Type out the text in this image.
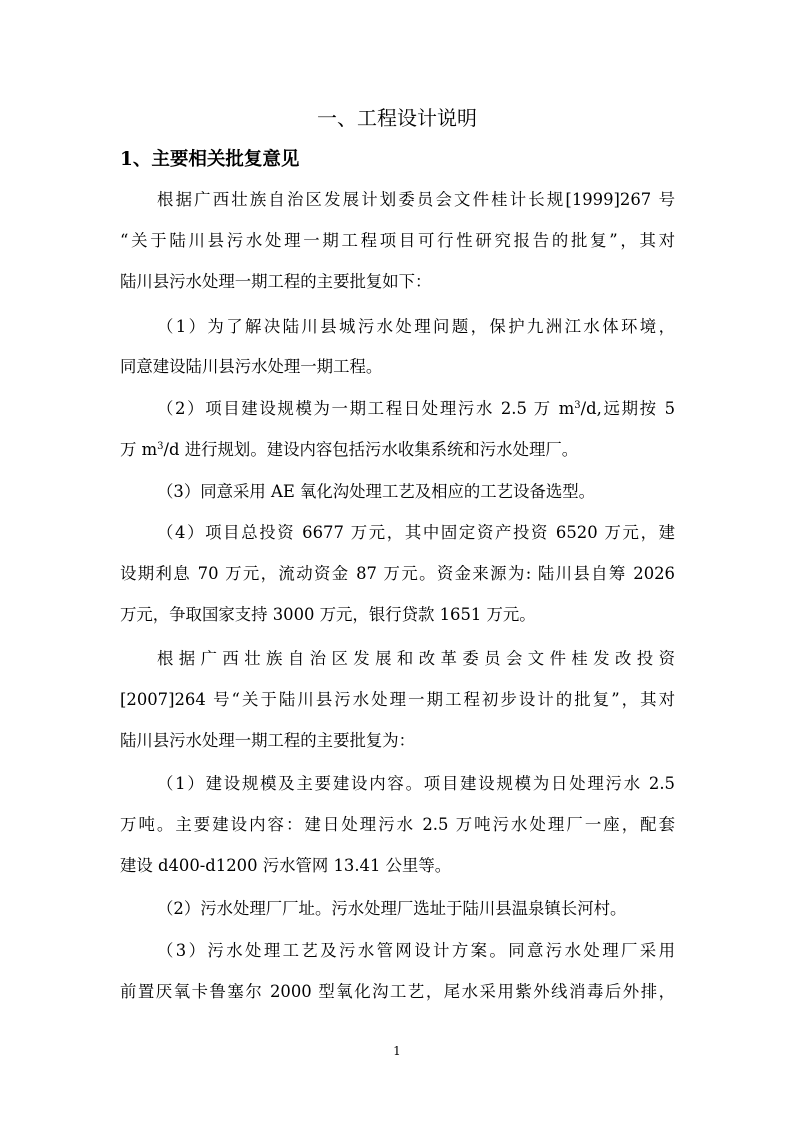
一、工程设计说明
1、主要相关批复意见
根据广西壮族自治区发展计划委员会文件桂计长规[1999]267 号
“关于陆川县污水处理一期工程项目可行性研究报告的批复”，其对
陆川县污水处理一期工程的主要批复如下：
（1）为了解决陆川县城污水处理问题，保护九洲江水体环境，
同意建设陆川县污水处理一期工程。
（2）项目建设规模为一期工程日处理污水 2.5 万 $m^3/d$,远期按 5
万 $m^3/d$ 进行规划。建设内容包括污水收集系统和污水处理厂。
（3）同意采用 AE 氧化沟处理工艺及相应的工艺设备选型。
（4）项目总投资 6677 万元，其中固定资产投资 6520 万元，建
设期利息 70 万元，流动资金 87 万元。资金来源为: 陆川县自筹 2026
万元，争取国家支持 3000 万元，银行贷款 1651 万元。
根据广西壮族自治区发展和改革委员会文件桂发改投资
[2007]264 号“关于陆川县污水处理一期工程初步设计的批复”，其对
陆川县污水处理一期工程的主要批复为：
（1）建设规模及主要建设内容。项目建设规模为日处理污水 2.5
万吨。主要建设内容：建日处理污水 2.5 万吨污水处理厂一座，配套
建设 d400-d1200 污水管网 13.41 公里等。
（2）污水处理厂厂址。污水处理厂选址于陆川县温泉镇长河村。
（3）污水处理工艺及污水管网设计方案。同意污水处理厂采用
前置厌氧卡鲁塞尔 2000 型氧化沟工艺，尾水采用紫外线消毒后外排，
1
